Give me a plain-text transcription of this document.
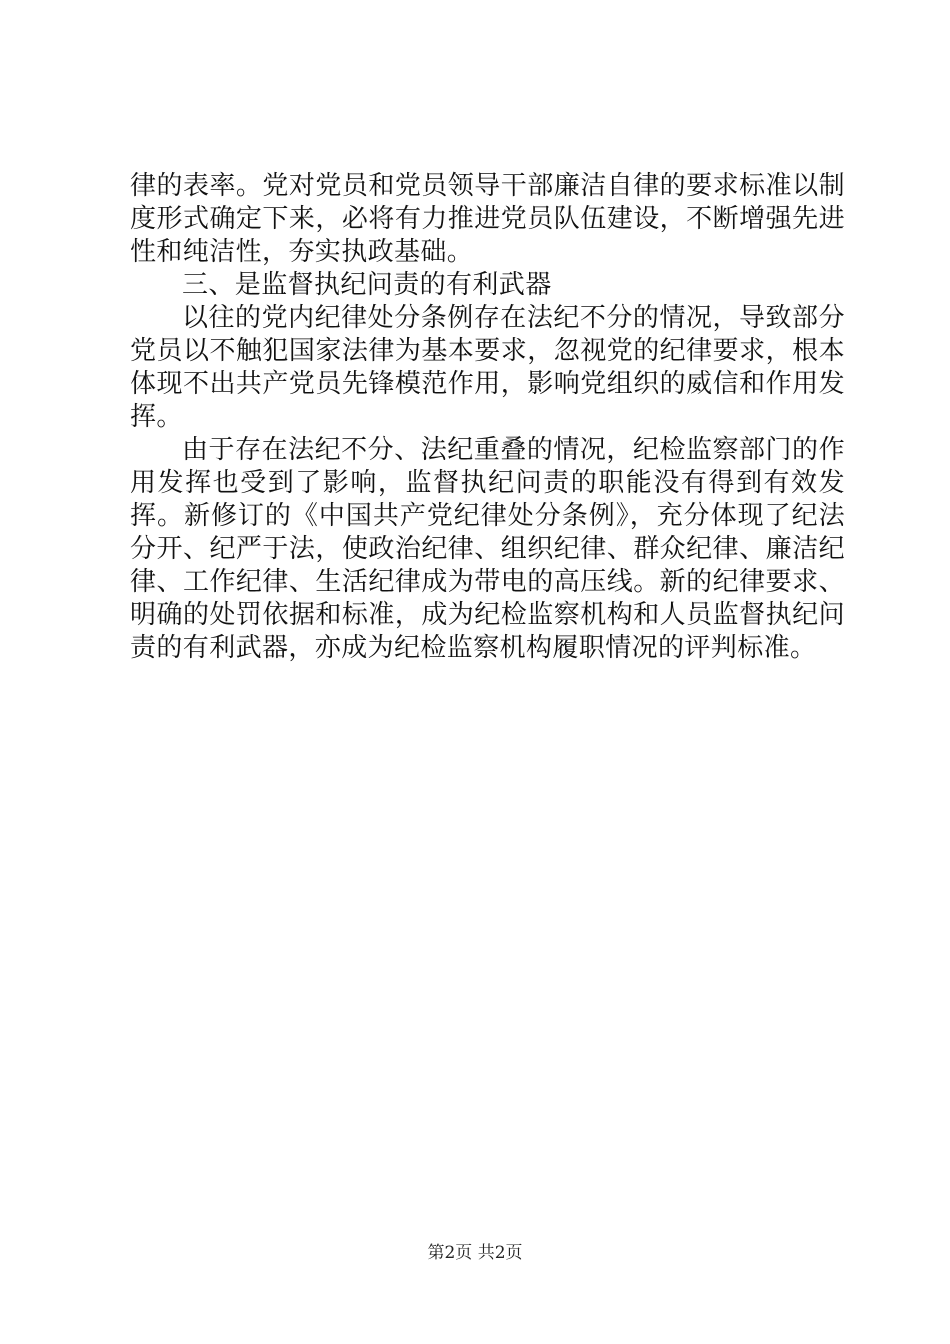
律的表率。党对党员和党员领导干部廉洁自律的要求标准以制度形式确定下来，必将有力推进党员队伍建设，不断增强先进性和纯洁性，夯实执政基础。

三、是监督执纪问责的有利武器

以往的党内纪律处分条例存在法纪不分的情况，导致部分党员以不触犯国家法律为基本要求，忽视党的纪律要求，根本体现不出共产党员先锋模范作用，影响党组织的威信和作用发挥。

由于存在法纪不分、法纪重叠的情况，纪检监察部门的作用发挥也受到了影响，监督执纪问责的职能没有得到有效发挥。新修订的《中国共产党纪律处分条例》，充分体现了纪法分开、纪严于法，使政治纪律、组织纪律、群众纪律、廉洁纪律、工作纪律、生活纪律成为带电的高压线。新的纪律要求、明确的处罚依据和标准，成为纪检监察机构和人员监督执纪问责的有利武器，亦成为纪检监察机构履职情况的评判标准。

第2页 共2页
